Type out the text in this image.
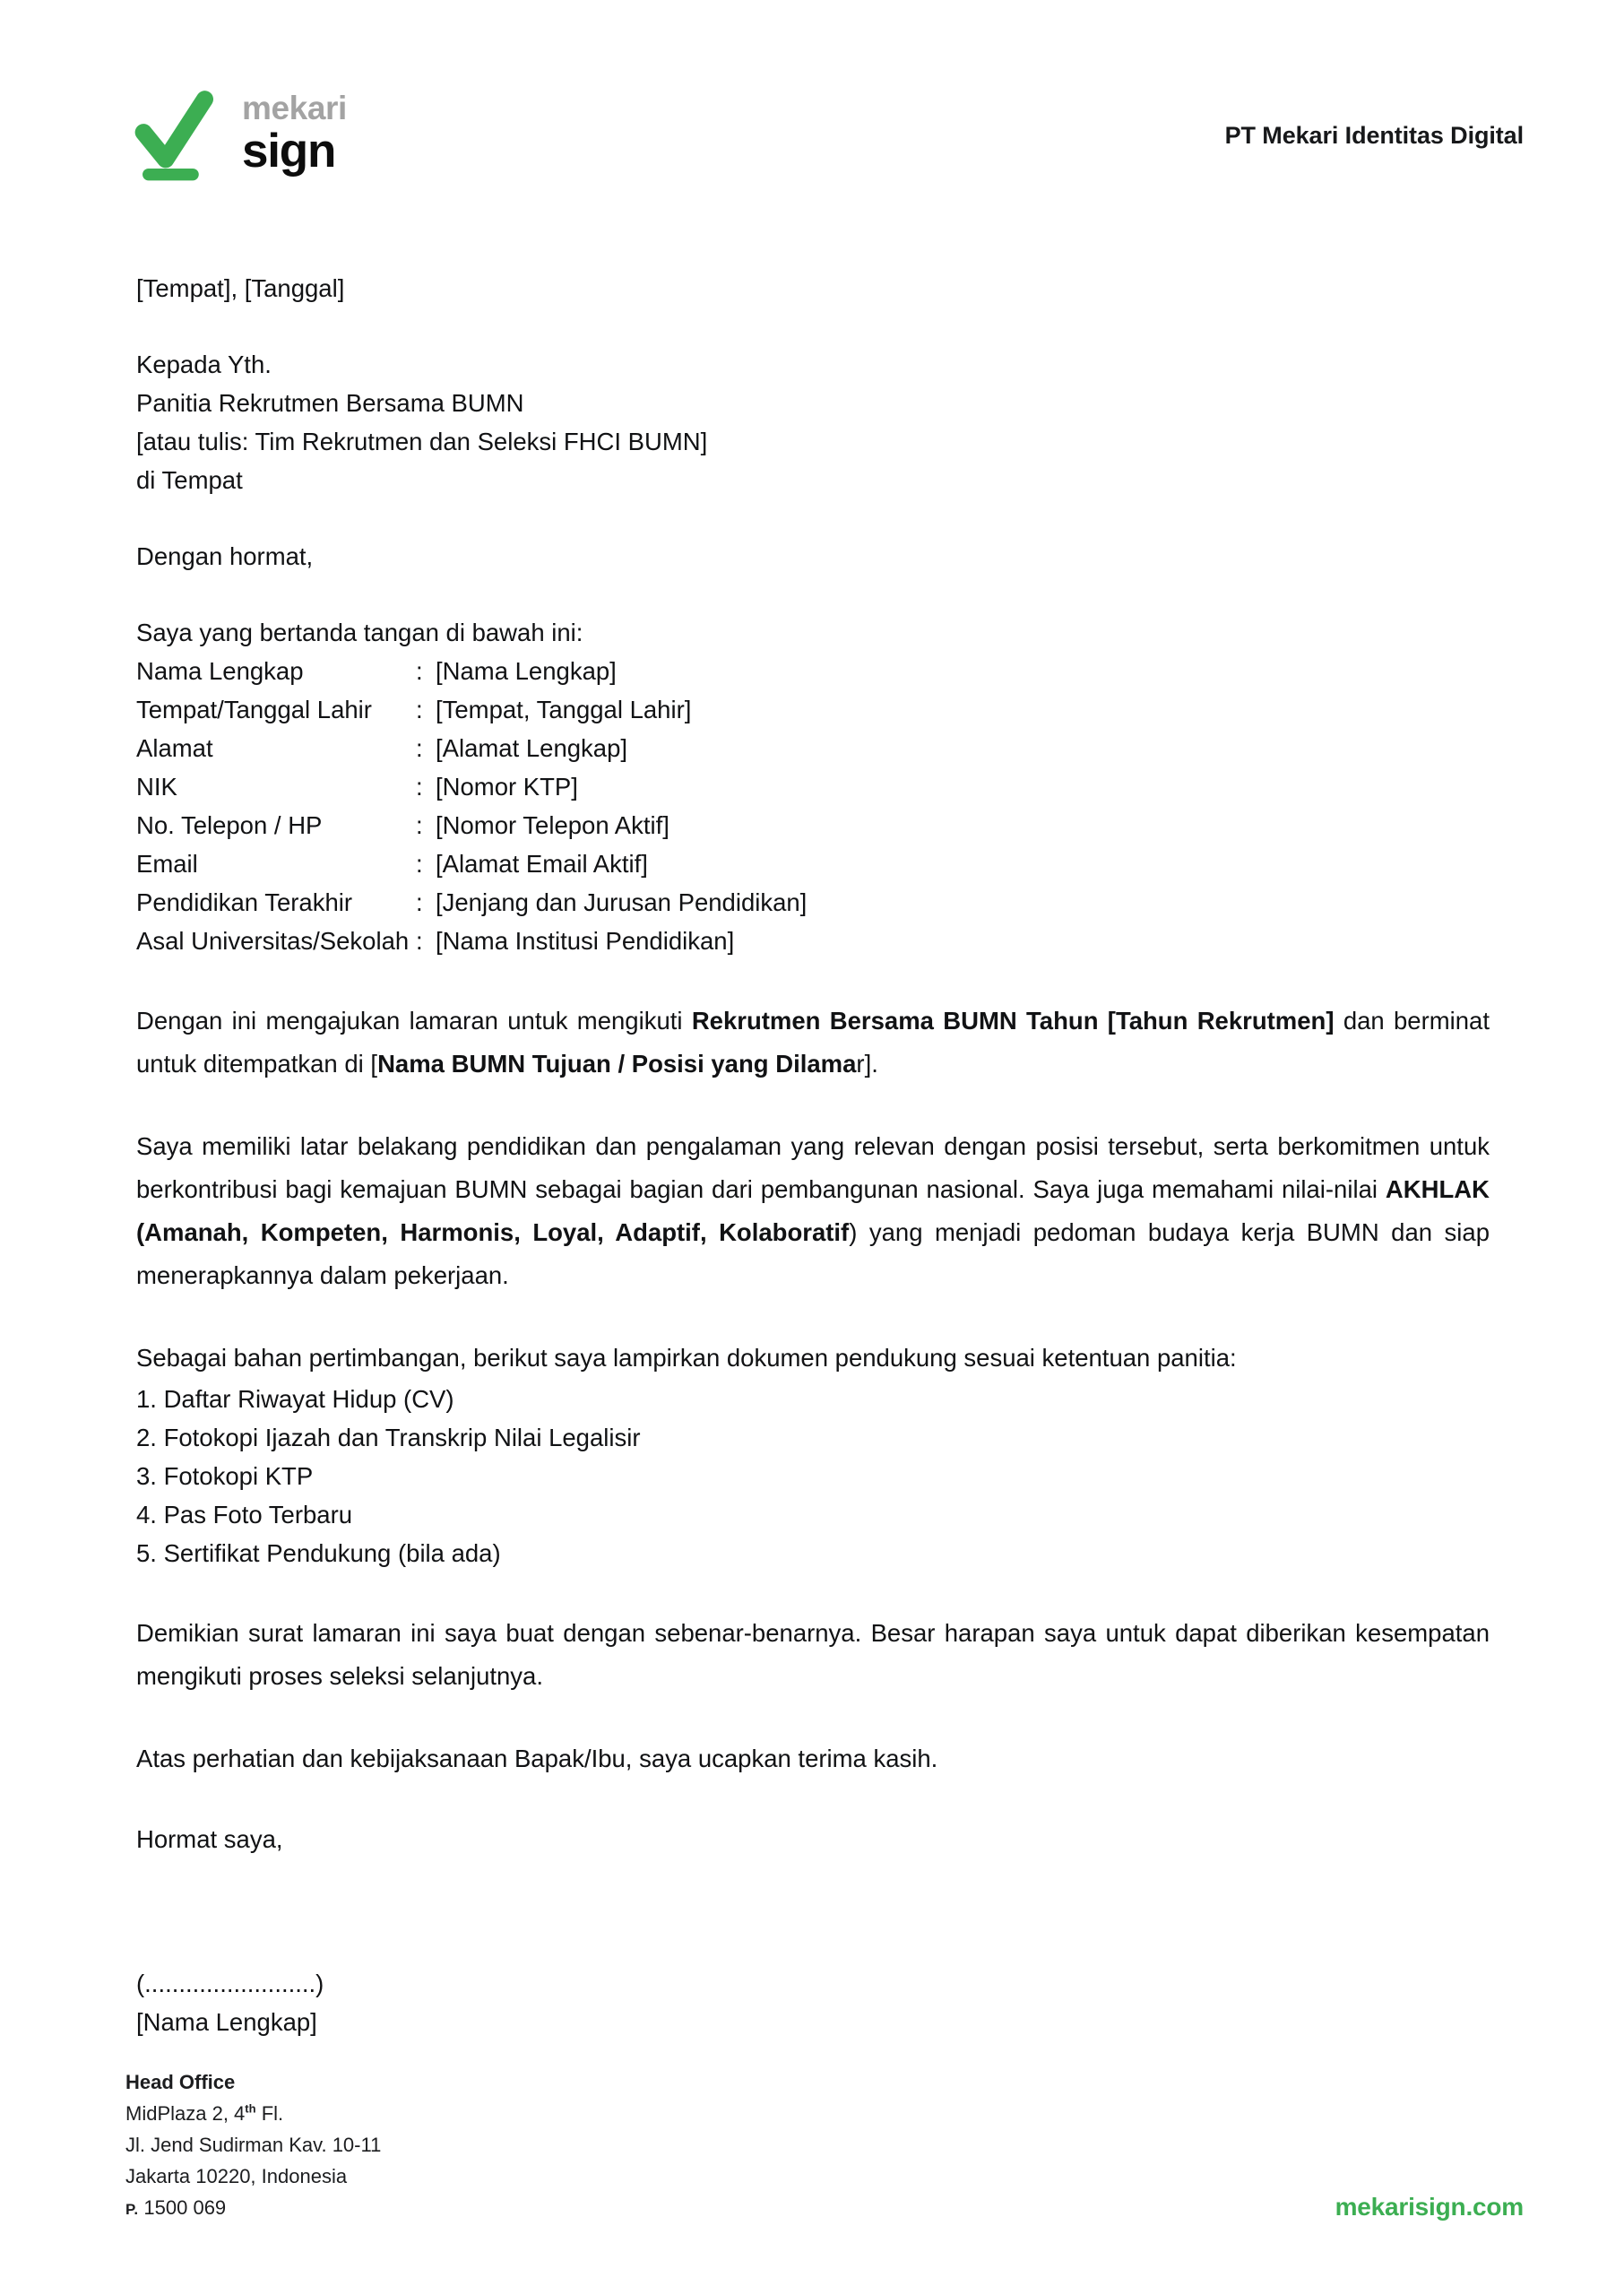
mekari
sign	PT Mekari Identitas Digital
[Tempat], [Tanggal]
Kepada Yth.
Panitia Rekrutmen Bersama BUMN
[atau tulis: Tim Rekrutmen dan Seleksi FHCI BUMN]
di Tempat
Dengan hormat,
Saya yang bertanda tangan di bawah ini:
Nama Lengkap	:	[Nama Lengkap]
Tempat/Tanggal Lahir	:	[Tempat, Tanggal Lahir]
Alamat	:	[Alamat Lengkap]
NIK	:	[Nomor KTP]
No. Telepon / HP	:	[Nomor Telepon Aktif]
Email	:	[Alamat Email Aktif]
Pendidikan Terakhir	:	[Jenjang dan Jurusan Pendidikan]
Asal Universitas/Sekolah	:	[Nama Institusi Pendidikan]

Dengan ini mengajukan lamaran untuk mengikuti Rekrutmen Bersama BUMN Tahun [Tahun Rekrutmen] dan berminat untuk ditempatkan di [Nama BUMN Tujuan / Posisi yang Dilamar].

Saya memiliki latar belakang pendidikan dan pengalaman yang relevan dengan posisi tersebut, serta berkomitmen untuk berkontribusi bagi kemajuan BUMN sebagai bagian dari pembangunan nasional. Saya juga memahami nilai-nilai AKHLAK (Amanah, Kompeten, Harmonis, Loyal, Adaptif, Kolaboratif) yang menjadi pedoman budaya kerja BUMN dan siap menerapkannya dalam pekerjaan.

Sebagai bahan pertimbangan, berikut saya lampirkan dokumen pendukung sesuai ketentuan panitia:

1. Daftar Riwayat Hidup (CV)
2. Fotokopi Ijazah dan Transkrip Nilai Legalisir
3. Fotokopi KTP
4. Pas Foto Terbaru
5. Sertifikat Pendukung (bila ada)

Demikian surat lamaran ini saya buat dengan sebenar-benarnya. Besar harapan saya untuk dapat diberikan kesempatan mengikuti proses seleksi selanjutnya.

Atas perhatian dan kebijaksanaan Bapak/Ibu, saya ucapkan terima kasih.

Hormat saya,
(.........................)
[Nama Lengkap]
Head Office
MidPlaza 2, 4th Fl.
Jl. Jend Sudirman Kav. 10-11
Jakarta 10220, Indonesia
P. 1500 069	mekarisign.com
